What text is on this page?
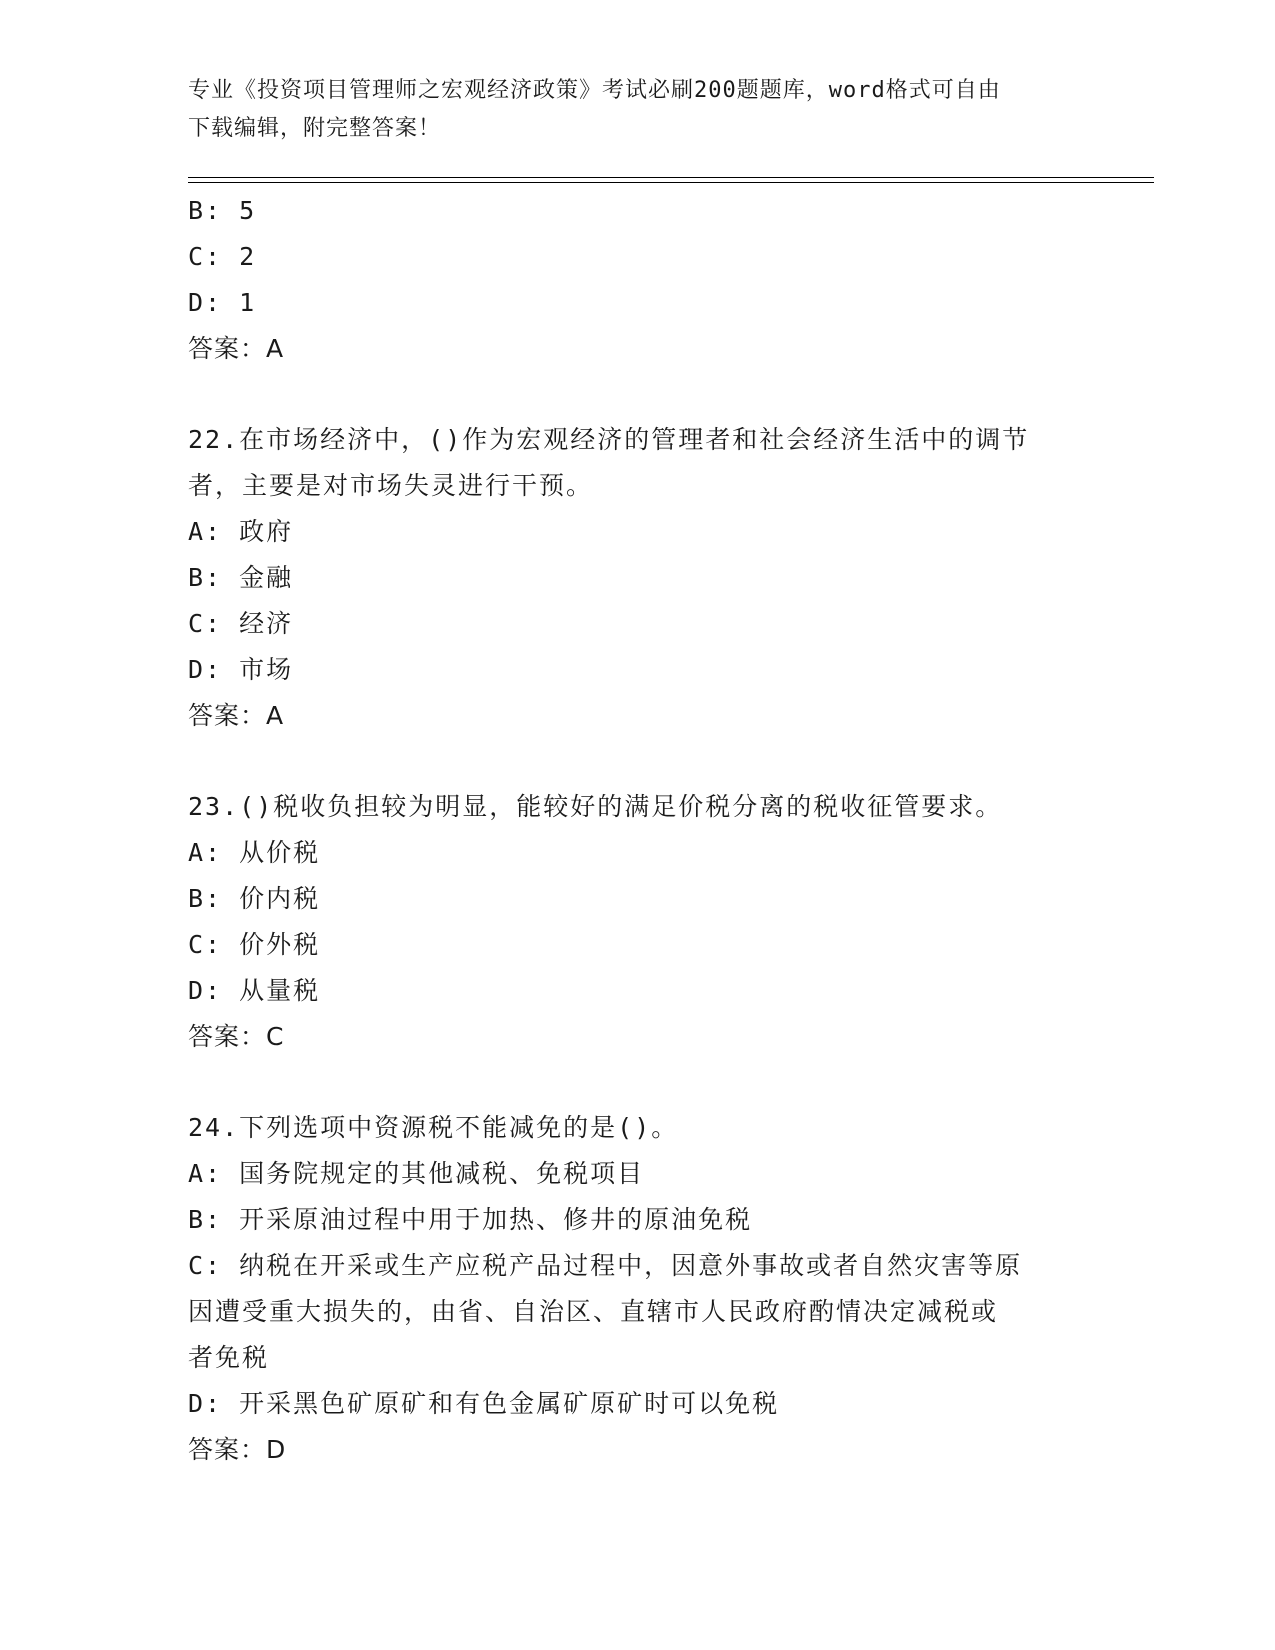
专业《投资项目管理师之宏观经济政策》考试必刷200题题库，word格式可自由
下载编辑，附完整答案！
B: 5
C: 2
D: 1
答案：A
22.在市场经济中，()作为宏观经济的管理者和社会经济生活中的调节
者，主要是对市场失灵进行干预。
A: 政府
B: 金融
C: 经济
D: 市场
答案：A
23.()税收负担较为明显，能较好的满足价税分离的税收征管要求。
A: 从价税
B: 价内税
C: 价外税
D: 从量税
答案：C
24.下列选项中资源税不能减免的是()。
A: 国务院规定的其他减税、免税项目
B: 开采原油过程中用于加热、修井的原油免税
C: 纳税在开采或生产应税产品过程中，因意外事故或者自然灾害等原
因遭受重大损失的，由省、自治区、直辖市人民政府酌情决定减税或
者免税
D: 开采黑色矿原矿和有色金属矿原矿时可以免税
答案：D
